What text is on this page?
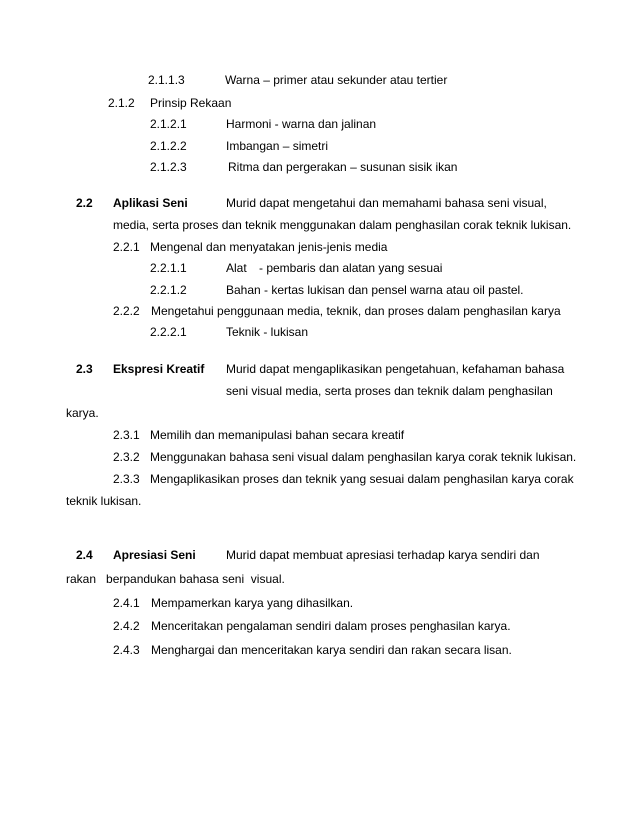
2.1.1.3	Warna – primer atau sekunder atau tertier
2.1.2 Prinsip Rekaan
2.1.2.1	Harmoni - warna dan jalinan
2.1.2.2	Imbangan – simetri
2.1.2.3	Ritma dan pergerakan – susunan sisik ikan
2.2 Aplikasi Seni	Murid dapat mengetahui dan memahami bahasa seni visual,
media, serta proses dan teknik menggunakan dalam penghasilan corak teknik lukisan.
2.2.1 Mengenal dan menyatakan jenis-jenis media
2.2.1.1	Alat - pembaris dan alatan yang sesuai
2.2.1.2	Bahan - kertas lukisan dan pensel warna atau oil pastel.
2.2.2 Mengetahui penggunaan media, teknik, dan proses dalam penghasilan karya
2.2.2.1	Teknik - lukisan
2.3 Ekspresi Kreatif Murid dapat mengaplikasikan pengetahuan, kefahaman bahasa
seni visual media, serta proses dan teknik dalam penghasilan
karya.
2.3.1 Memilih dan memanipulasi bahan secara kreatif
2.3.2 Menggunakan bahasa seni visual dalam penghasilan karya corak teknik lukisan.
2.3.3 Mengaplikasikan proses dan teknik yang sesuai dalam penghasilan karya corak
teknik lukisan.
2.4 Apresiasi Seni	Murid dapat membuat apresiasi terhadap karya sendiri dan
rakan   berpandukan bahasa seni  visual.
2.4.1 Mempamerkan karya yang dihasilkan.
2.4.2 Menceritakan pengalaman sendiri dalam proses penghasilan karya.
2.4.3 Menghargai dan menceritakan karya sendiri dan rakan secara lisan.
